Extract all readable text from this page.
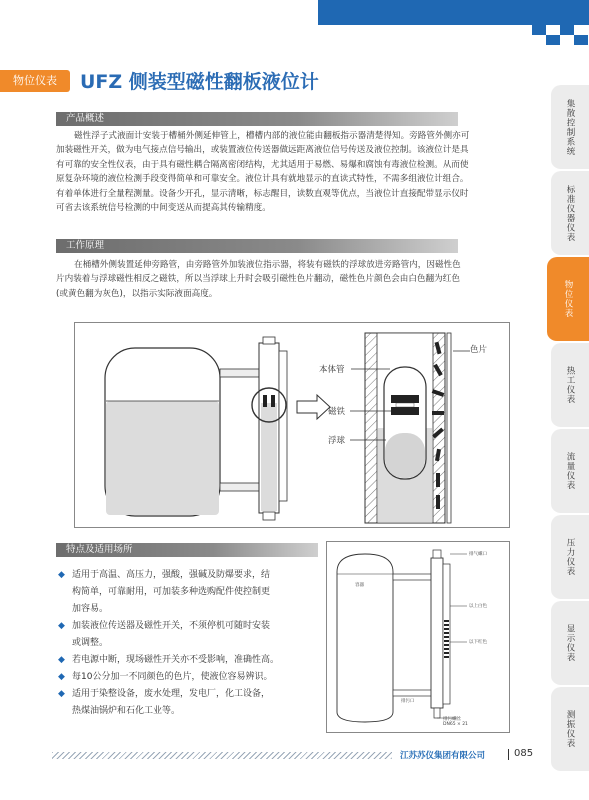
物位仪表	UFZ 侧装型磁性翻板液位计
产品概述
磁性浮子式液面计安装于槽桶外侧延伸管上，槽槽内部的液位能由翻板指示器清楚得知。旁路管外侧亦可
加装磁性开关，做为电气接点信号输出，或装置液位传送器做远距离液位信号传送及液位控制。该液位计是具
有可靠的安全性仪表，由于具有磁性耦合隔离密闭结构，尤其适用于易燃、易爆和腐蚀有毒液位检测。从而使
原复杂环境的液位检测手段变得简单和可靠安全。液位计具有就地显示的直读式特性，不需多组液位计组合。
有着单体进行全量程测量。设备少开孔，显示清晰，标志醒目，读数直观等优点，当液位计直接配带显示仪时
可省去该系统信号检测的中间变送从而提高其传输精度。
工作原理
在桶槽外侧装置延伸旁路管，由旁路管外加装液位指示器，将装有磁铁的浮球放进旁路管内，因磁性色
片内装着与浮球磁性相反之磁铁，所以当浮球上升时会吸引磁性色片翻动，磁性色片颜色会由白色翻为红色
(或黄色翻为灰色)，以指示实际液面高度。
色片
本体管
磁铁
浮球
特点及适用场所
◆ 适用于高温、高压力，强酸，强碱及防爆要求，结
构简单，可靠耐用，可加装多种选购配件使控制更
加容易。
◆ 加装液位传送器及磁性开关，不须停机可随时安装
或调整。
◆ 若电源中断，现场磁性开关亦不受影响，准确性高。
◆ 每10公分加一不同颜色的色片，使液位容易辨识。
◆ 适用于染整设备，废水处理，发电厂，化工设备，
热煤油锅炉和石化工业等。
排气螺口
容器
以上白色
以下红色
排污口
排污螺丝
DN65 × 21
集散控制系统
标准仪器仪表
物位仪表
热工仪表
流量仪表
压力仪表
显示仪表
测振仪表
江苏苏仪集团有限公司	085
